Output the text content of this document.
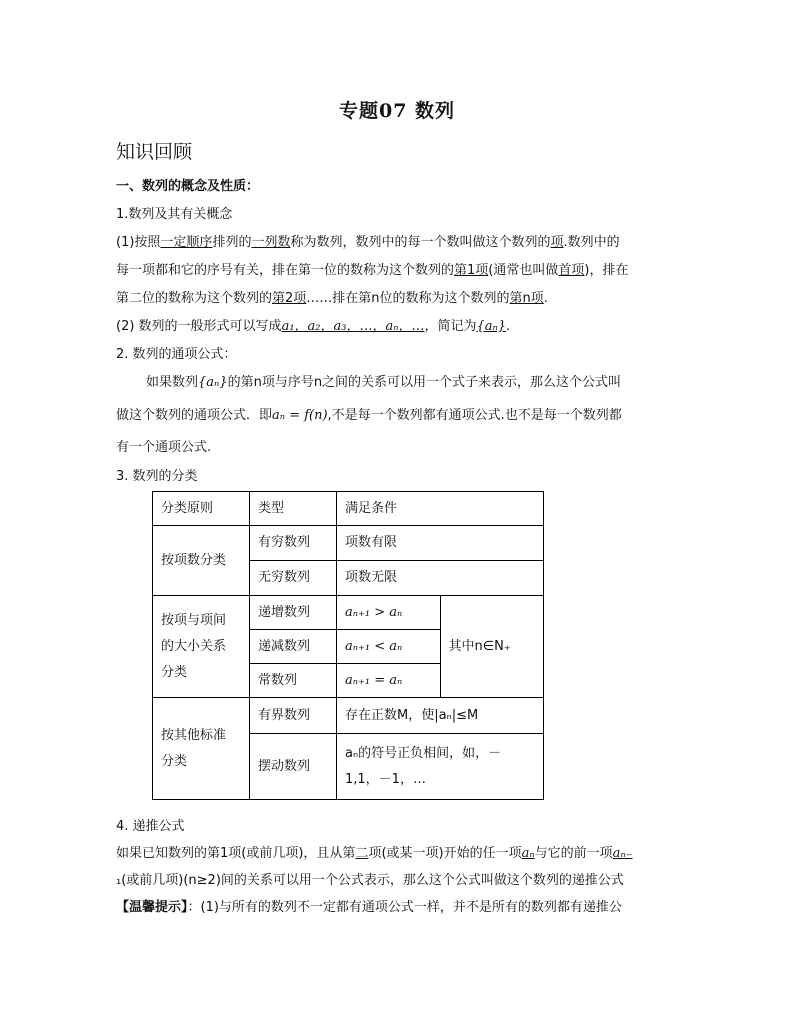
专题07 数列
知识回顾
一、数列的概念及性质：
1.数列及其有关概念
(1)按照一定顺序排列的一列数称为数列，数列中的每一个数叫做这个数列的项.数列中的
每一项都和它的序号有关，排在第一位的数称为这个数列的第1项(通常也叫做首项)，排在
第二位的数称为这个数列的第2项……排在第n位的数称为这个数列的第n项.
(2) 数列的一般形式可以写成a₁，a₂，a₃，…，aₙ，…，简记为{aₙ}.
2. 数列的通项公式：
如果数列{aₙ}的第n项与序号n之间的关系可以用一个式子来表示，那么这个公式叫
做这个数列的通项公式．即aₙ = f(n),不是每一个数列都有通项公式.也不是每一个数列都
有一个通项公式.
3. 数列的分类
分类原则	类型	满足条件	
按项数分类	有穷数列	项数有限	
	无穷数列	项数无限	

按项与项间
的大小关系
分类	递增数列	aₙ₊₁ > aₙ	其中n∈N₊
	递减数列	aₙ₊₁ < aₙ	
	常数列	aₙ₊₁ = aₙ	

按其他标准
分类	有界数列	存在正数M，使|aₙ|≤M	
	摆动数列	aₙ的符号正负相间，如，－
1,1，－1，…	
4. 递推公式
如果已知数列的第1项(或前几项)，且从第二项(或某一项)开始的任一项aₙ与它的前一项aₙ₋
₁(或前几项)(n≥2)间的关系可以用一个公式表示，那么这个公式叫做这个数列的递推公式
【温馨提示】：(1)与所有的数列不一定都有通项公式一样，并不是所有的数列都有递推公
